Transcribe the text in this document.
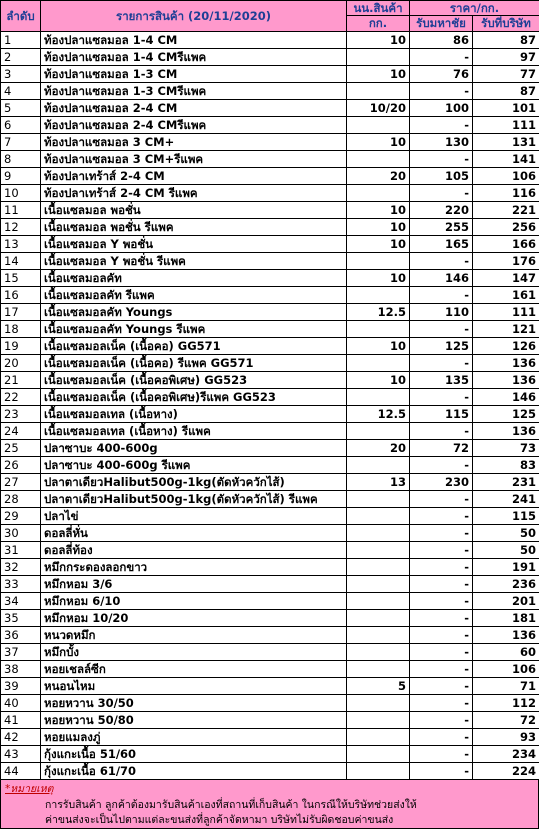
ลำดับ	รายการสินค้า (20/11/2020)	นน.สินค้า	ราคา/กก.	
		กก.	รับมหาชัย	รับที่บริษัท
1	ท้องปลาแซลมอล 1-4 CM	10	86	87
2	ท้องปลาแซลมอล 1-4 CMรีแพค		-	97
3	ท้องปลาแซลมอล 1-3 CM	10	76	77
4	ท้องปลาแซลมอล 1-3 CMรีแพค		-	87
5	ท้องปลาแซลมอล 2-4 CM	10/20	100	101
6	ท้องปลาแซลมอล 2-4 CMรีแพค		-	111
7	ท้องปลาแซลมอล 3 CM+	10	130	131
8	ท้องปลาแซลมอล 3 CM+รีแพค		-	141
9	ท้องปลาเทร้าส์ 2-4 CM	20	105	106
10	ท้องปลาเทร้าส์ 2-4 CM รีแพค		-	116
11	เนื้อแซลมอล พอชั่น	10	220	221
12	เนื้อแซลมอล พอชั่น รีแพค	10	255	256
13	เนื้อแซลมอล Y พอชั่น	10	165	166
14	เนื้อแซลมอล Y พอชั่น รีแพค		-	176
15	เนื้อแซลมอลคัท	10	146	147
16	เนื้อแซลมอลคัท รีแพค		-	161
17	เนื้อแซลมอลคัท Youngs	12.5	110	111
18	เนื้อแซลมอลคัท Youngs รีแพค		-	121
19	เนื้อแซลมอลเน็ค (เนื้อคอ) GG571	10	125	126
20	เนื้อแซลมอลเน็ค (เนื้อคอ) รีแพค GG571		-	136
21	เนื้อแซลมอลเน็ค (เนื้อคอพิเศษ) GG523	10	135	136
22	เนื้อแซลมอลเน็ค (เนื้อคอพิเศษ)รีแพค GG523		-	146
23	เนื้อแซลมอลเทล (เนื้อหาง)	12.5	115	125
24	เนื้อแซลมอลเทล (เนื้อหาง) รีแพค		-	136
25	ปลาซาบะ 400-600g	20	72	73
26	ปลาซาบะ 400-600g รีแพค		-	83
27	ปลาตาเดียวHalibut500g-1kg(ตัดหัวควักไส้)	13	230	231
28	ปลาตาเดียวHalibut500g-1kg(ตัดหัวควักไส้) รีแพค		-	241
29	ปลาไข่		-	115
30	ดอลลี่หั่น		-	50
31	ดอลลี่ท้อง		-	50
32	หมึกกระดองลอกขาว		-	191
33	หมึกหอม 3/6		-	236
34	หมึกหอม 6/10		-	201
35	หมึกหอม 10/20		-	181
36	หนวดหมึก		-	136
37	หมึกบั้ง		-	60
38	หอยเชลล์ซีก		-	106
39	หนอนไหม	5	-	71
40	หอยหวาน 30/50		-	112
41	หอยหวาน 50/80		-	72
42	หอยแมลงภู่		-	93
43	กุ้งแกะเนื้อ 51/60		-	234
44	กุ้งแกะเนื้อ 61/70		-	224
*หมายเหตุ
การรับสินค้า ลูกค้าต้องมารับสินค้าเองที่สถานที่เก็บสินค้า ในกรณีให้บริษัทช่วยส่งให้
ค่าขนส่งจะเป็นไปตามแต่ละขนส่งที่ลูกค้าจัดหามา บริษัทไม่รับผิดชอบค่าขนส่ง
